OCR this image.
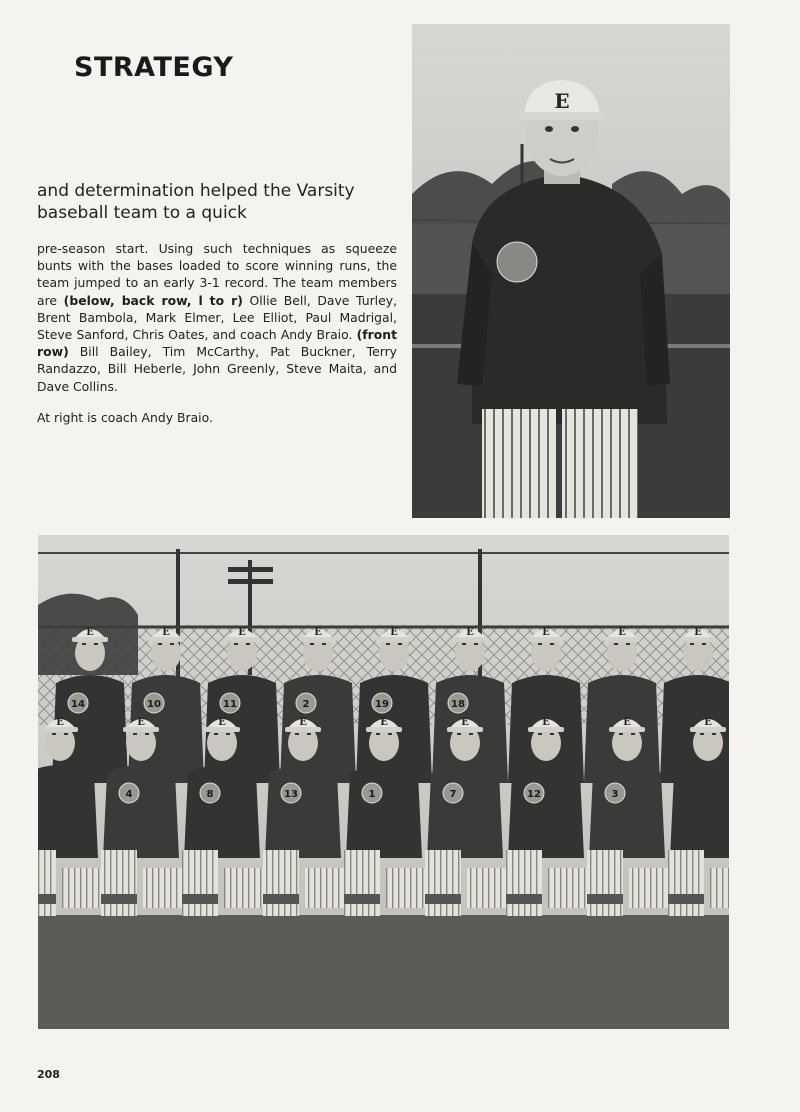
STRATEGY

and determination helped the Varsity baseball team to a quick

pre-season start. Using such techniques as squeeze bunts with the bases loaded to score winning runs, the team jumped to an early 3-1 record. The team members are (below, back row, l to r) Ollie Bell, Dave Turley, Brent Bambola, Mark Elmer, Lee Elliot, Paul Madrigal, Steve Sanford, Chris Oates, and coach Andy Braio. (front row) Bill Bailey, Tim McCarthy, Pat Buckner, Terry Randazzo, Bill Heberle, John Greenly, Steve Maita, and Dave Collins.

At right is coach Andy Braio.

E
E
14
E
10
E
11
E
2
E
19
E
18
E	E	E
E	E
4
E
8
E
13
E
1
E
7
E
12
E
3
E

208
